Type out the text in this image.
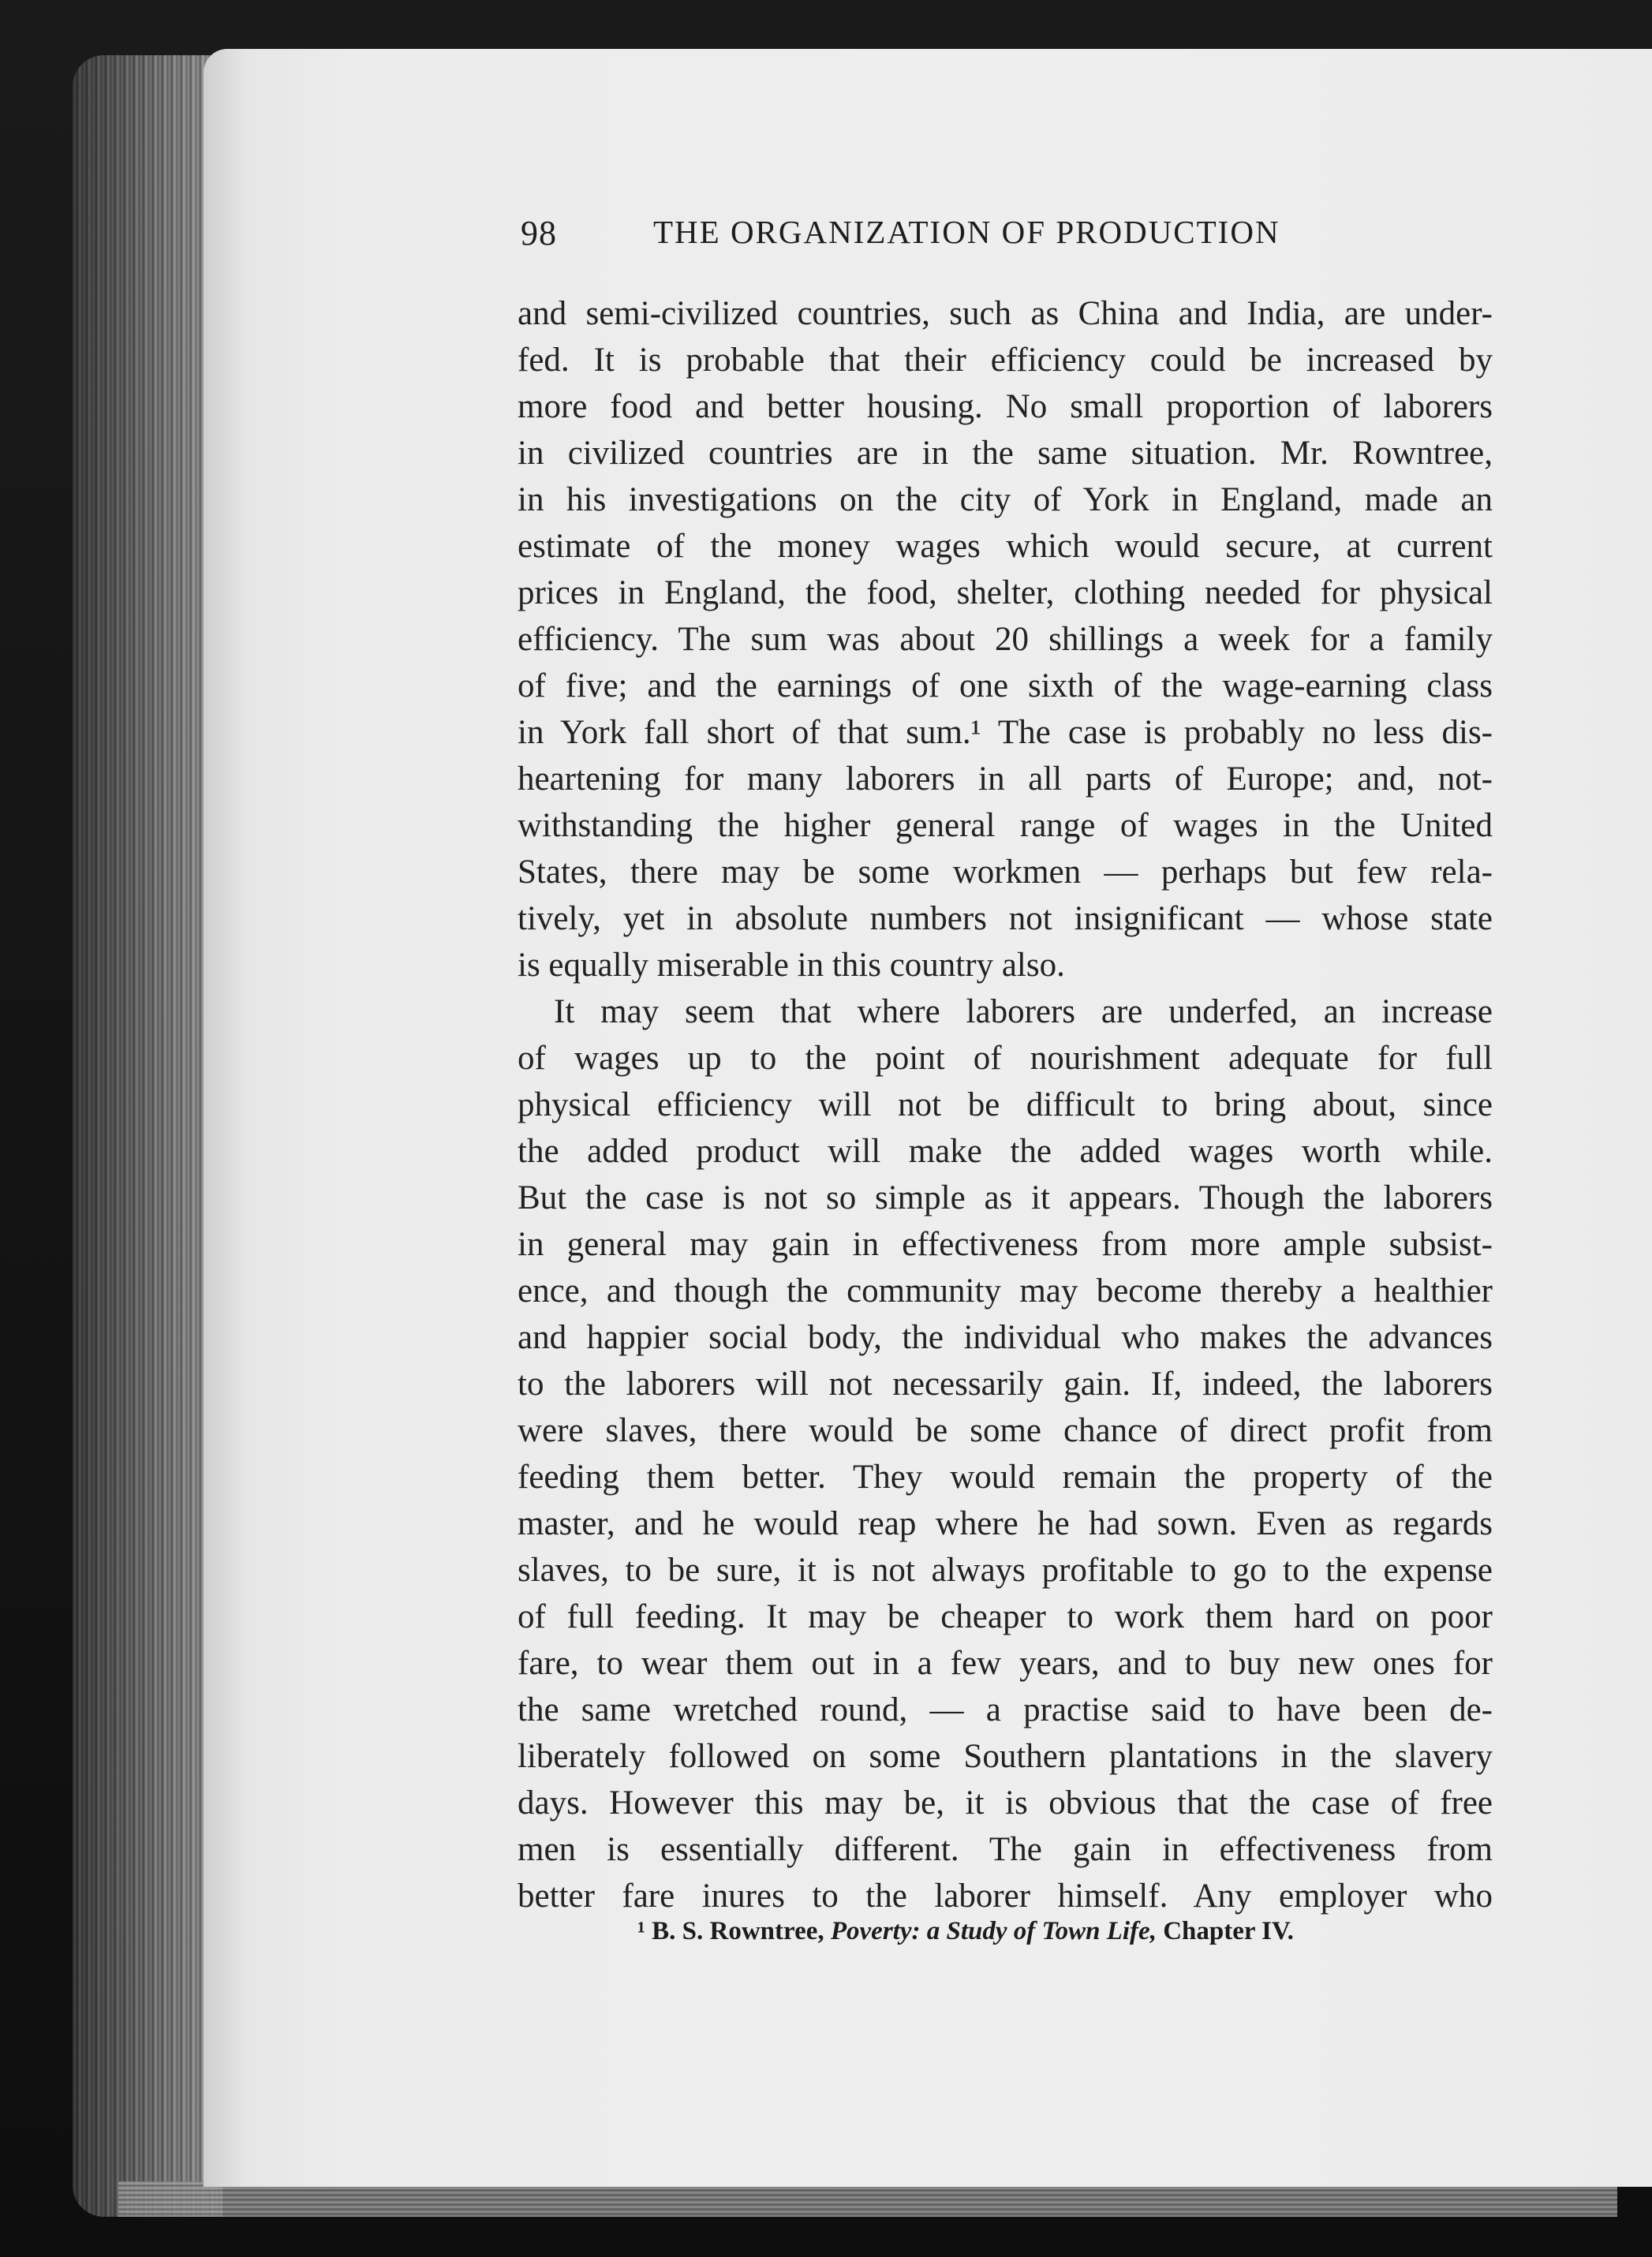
98	THE ORGANIZATION OF PRODUCTION
and semi-civilized countries, such as China and India, are under-
fed. It is probable that their efficiency could be increased by
more food and better housing. No small proportion of laborers
in civilized countries are in the same situation. Mr. Rowntree,
in his investigations on the city of York in England, made an
estimate of the money wages which would secure, at current
prices in England, the food, shelter, clothing needed for physical
efficiency. The sum was about 20 shillings a week for a family
of five; and the earnings of one sixth of the wage-earning class
in York fall short of that sum.¹ The case is probably no less dis-
heartening for many laborers in all parts of Europe; and, not-
withstanding the higher general range of wages in the United
States, there may be some workmen — perhaps but few rela-
tively, yet in absolute numbers not insignificant — whose state
is equally miserable in this country also.
It may seem that where laborers are underfed, an increase
of wages up to the point of nourishment adequate for full
physical efficiency will not be difficult to bring about, since
the added product will make the added wages worth while.
But the case is not so simple as it appears. Though the laborers
in general may gain in effectiveness from more ample subsist-
ence, and though the community may become thereby a healthier
and happier social body, the individual who makes the advances
to the laborers will not necessarily gain. If, indeed, the laborers
were slaves, there would be some chance of direct profit from
feeding them better. They would remain the property of the
master, and he would reap where he had sown. Even as regards
slaves, to be sure, it is not always profitable to go to the expense
of full feeding. It may be cheaper to work them hard on poor
fare, to wear them out in a few years, and to buy new ones for
the same wretched round, — a practise said to have been de-
liberately followed on some Southern plantations in the slavery
days. However this may be, it is obvious that the case of free
men is essentially different. The gain in effectiveness from
better fare inures to the laborer himself. Any employer who
¹ B. S. Rowntree, Poverty: a Study of Town Life, Chapter IV.
